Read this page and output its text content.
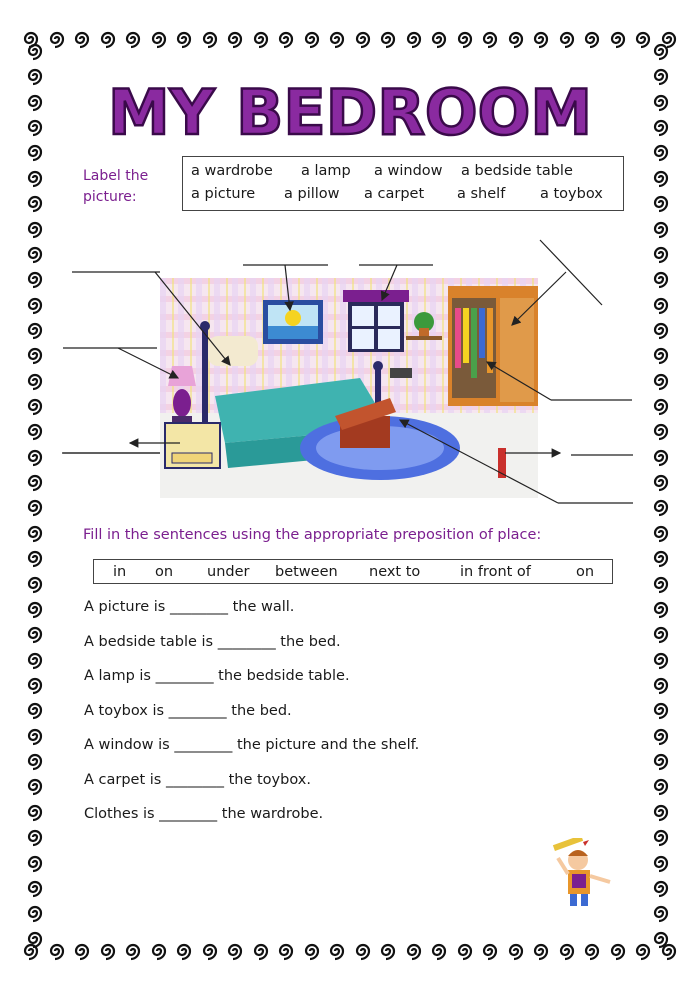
MY BEDROOM
Label the
picture:
a wardrobe a lamp a window a bedside table
a picture a pillow a carpet a shelf a toybox
Fill in the sentences using the appropriate preposition of place:
in on under between next to	in front of	on
A picture is ________ the wall.
A bedside table is ________ the bed.
A lamp is ________ the bedside table.
A toybox is ________ the bed.
A window is ________ the picture and the shelf.
A carpet is ________ the toybox.
Clothes is ________ the wardrobe.
